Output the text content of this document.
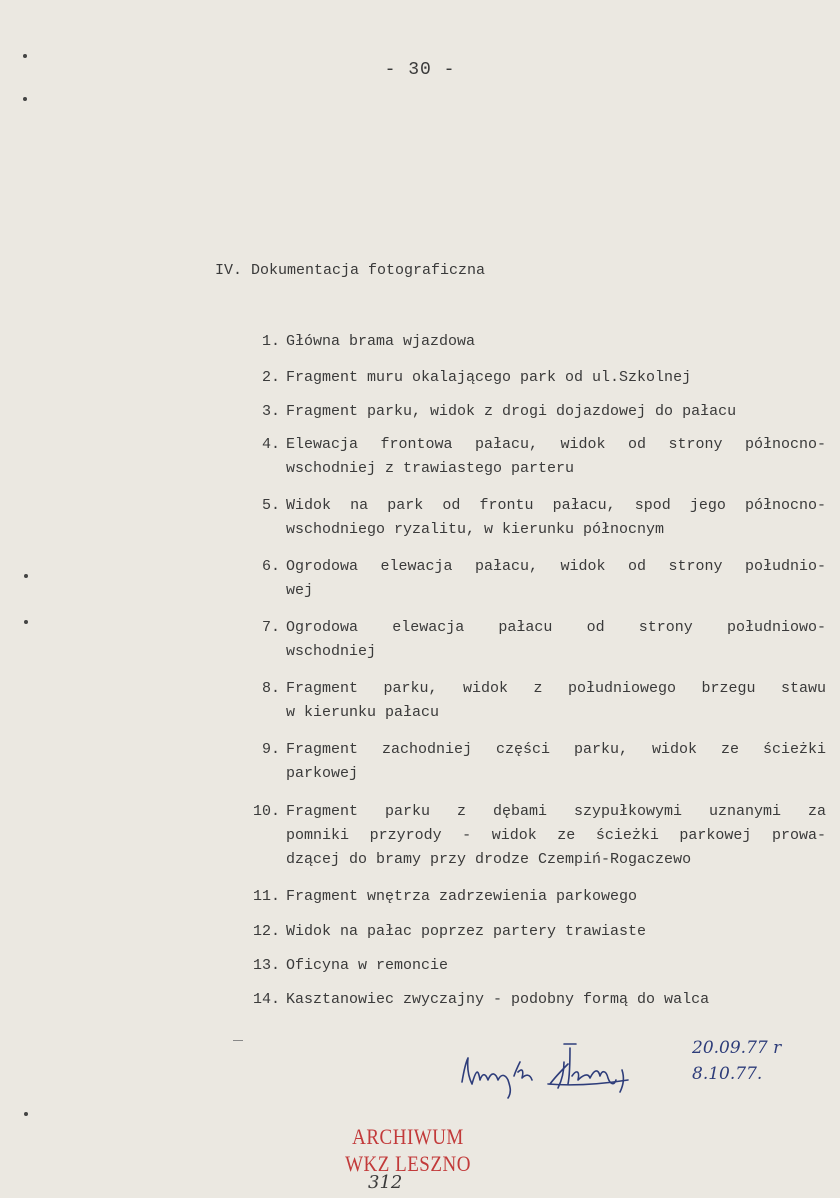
- 30 -
IV. Dokumentacja fotograficzna
1. Główna brama wjazdowa
2. Fragment muru okalającego park od ul.Szkolnej
3. Fragment parku, widok z drogi dojazdowej do pałacu
4. Elewacja frontowa pałacu, widok od strony północno-
wschodniej z trawiastego parteru
5. Widok na park od frontu pałacu, spod jego północno-
wschodniego ryzalitu, w kierunku północnym
6. Ogrodowa elewacja pałacu, widok od strony południo-
wej
7. Ogrodowa elewacja pałacu od strony południowo-
wschodniej
8. Fragment parku, widok z południowego brzegu stawu
w kierunku pałacu
9. Fragment zachodniej części parku, widok ze ścieżki
parkowej
10. Fragment parku z dębami szypułkowymi uznanymi za
pomniki przyrody - widok ze ścieżki parkowej prowa-
dzącej do bramy przy drodze Czempiń-Rogaczewo
11. Fragment wnętrza zadrzewienia parkowego
12. Widok na pałac poprzez partery trawiaste
13. Oficyna w remoncie
14. Kasztanowiec zwyczajny - podobny formą do walca
20.09.77 r
8.10.77.
ARCHIWUM
WKZ LESZNO
312
